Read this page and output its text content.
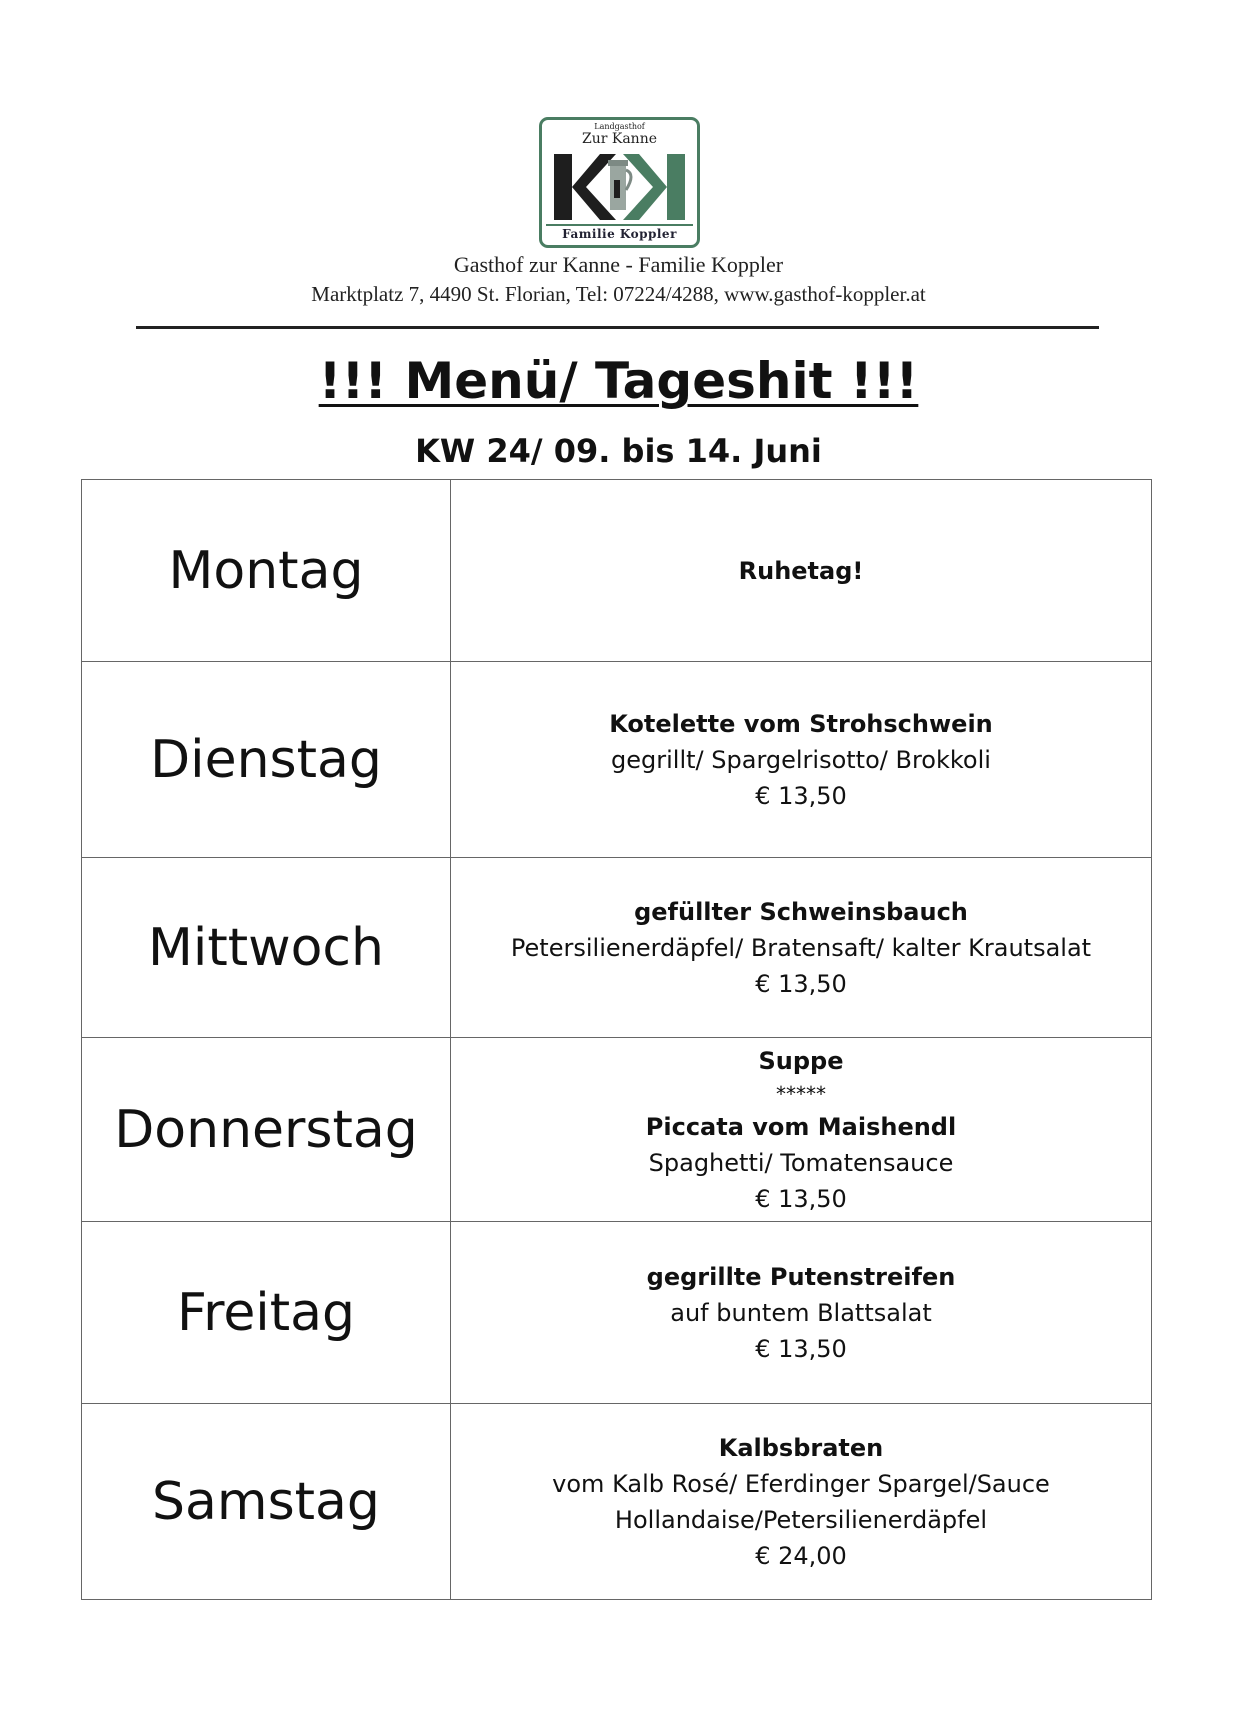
Landgasthof
Zur Kanne
Familie Koppler
Gasthof zur Kanne - Familie Koppler
Marktplatz 7, 4490 St. Florian, Tel: 07224/4288, www.gasthof-koppler.at
!!! Menü/ Tageshit !!!
KW 24/ 09. bis 14. Juni
Montag	Ruhetag!

Dienstag	Kotelette vom Strohschwein
gegrillt/ Spargelrisotto/ Brokkoli
€ 13,50

Mittwoch	gefüllter Schweinsbauch
Petersilienerdäpfel/ Bratensaft/ kalter Krautsalat
€ 13,50

Donnerstag	Suppe
*****
Piccata vom Maishendl
Spaghetti/ Tomatensauce
€ 13,50

Freitag	gegrillte Putenstreifen
auf buntem Blattsalat
€ 13,50

Samstag	Kalbsbraten
vom Kalb Rosé/ Eferdinger Spargel/Sauce
Hollandaise/Petersilienerdäpfel
€ 24,00
